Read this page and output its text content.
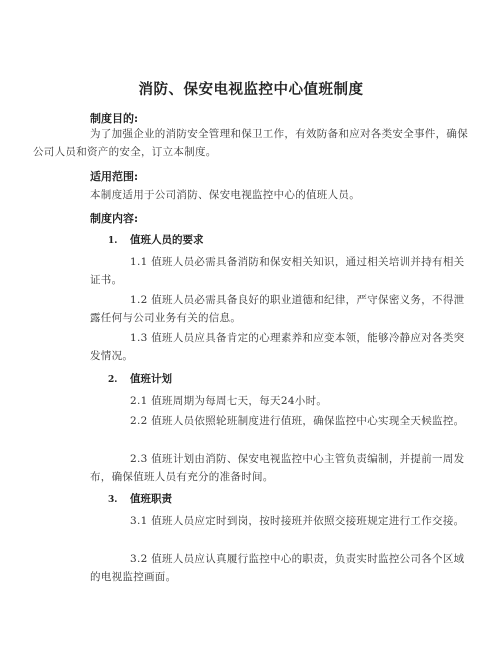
消防、保安电视监控中心值班制度
制度目的:
为了加强企业的消防安全管理和保卫工作，有效防备和应对各类安全事件，确保公司人员和资产的安全，订立本制度。
适用范围:
本制度适用于公司消防、保安电视监控中心的值班人员。
制度内容:
1. 值班人员的要求
1.1 值班人员必需具备消防和保安相关知识，通过相关培训并持有相关证书。
1.2 值班人员必需具备良好的职业道德和纪律，严守保密义务，不得泄露任何与公司业务有关的信息。
1.3 值班人员应具备肯定的心理素养和应变本领，能够冷静应对各类突发情况。
2. 值班计划
2.1 值班周期为每周七天，每天24小时。
2.2 值班人员依照轮班制度进行值班，确保监控中心实现全天候监控。
2.3 值班计划由消防、保安电视监控中心主管负责编制，并提前一周发布，确保值班人员有充分的准备时间。
3. 值班职责
3.1 值班人员应定时到岗，按时接班并依照交接班规定进行工作交接。
3.2 值班人员应认真履行监控中心的职责，负责实时监控公司各个区域的电视监控画面。
